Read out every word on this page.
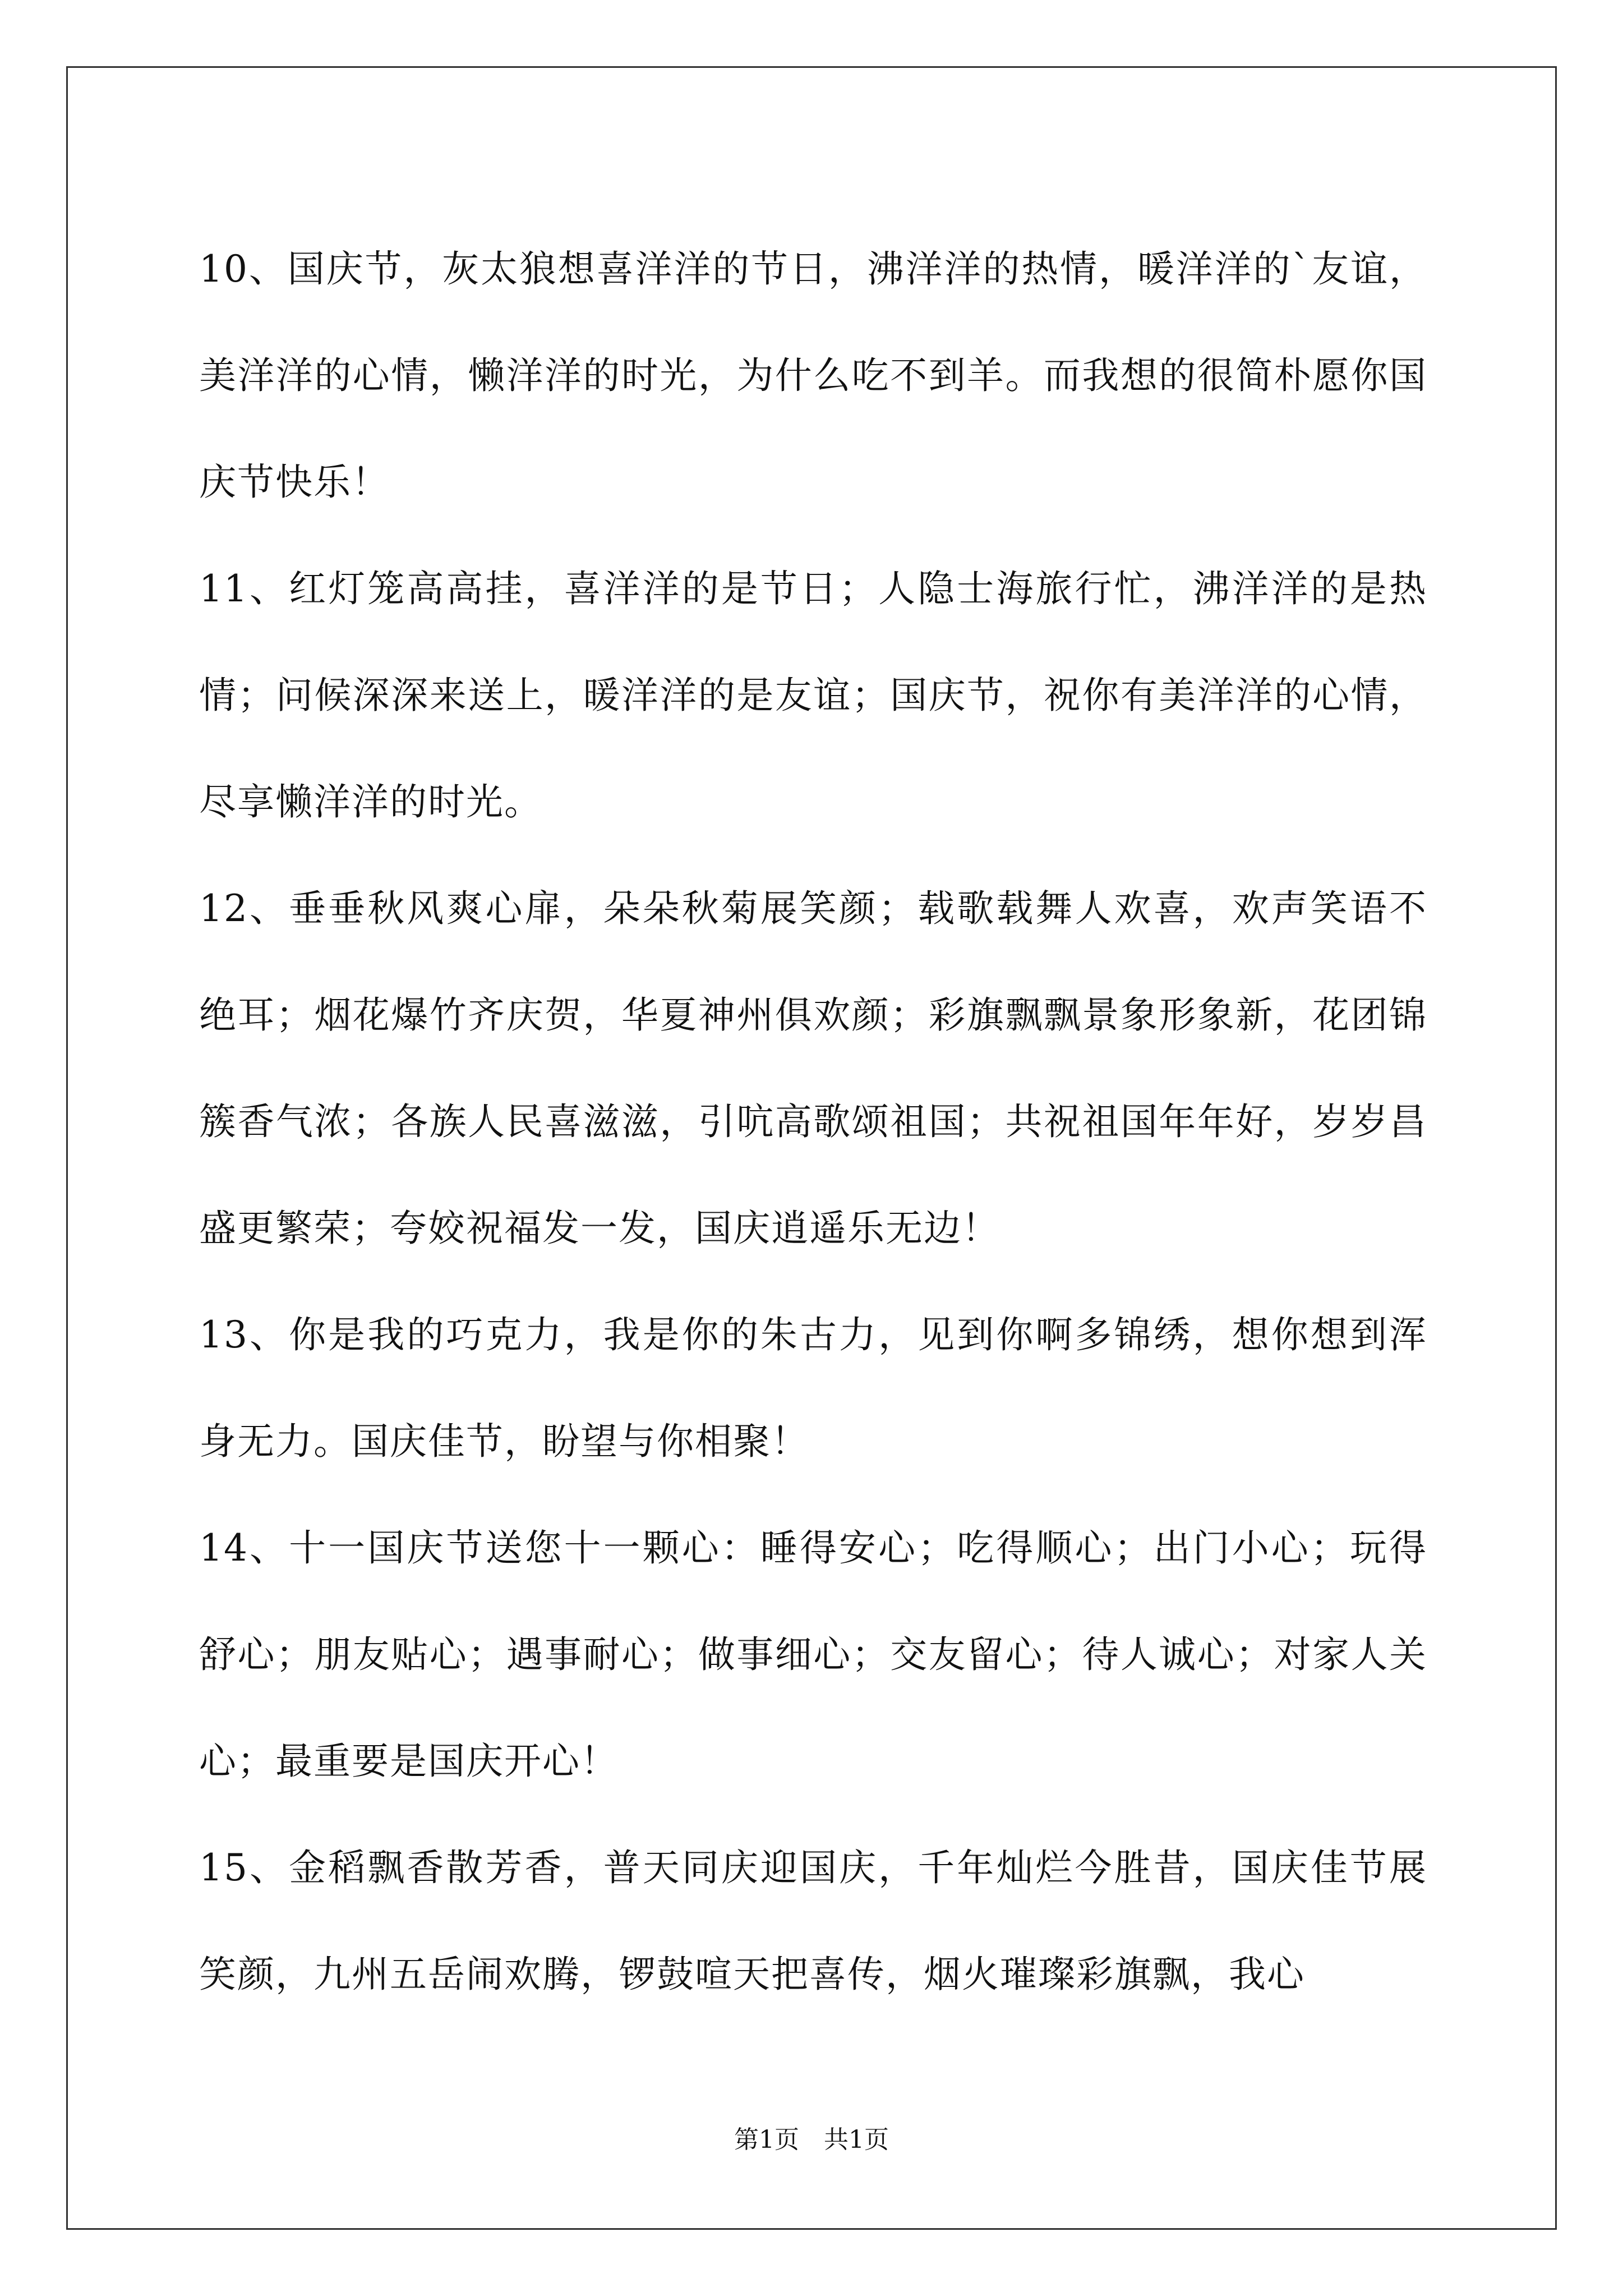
10、国庆节，灰太狼想喜洋洋的节日，沸洋洋的热情，暖洋洋的`友谊，美洋洋的心情，懒洋洋的时光，为什么吃不到羊。而我想的很简朴愿你国庆节快乐！

11、红灯笼高高挂，喜洋洋的是节日；人隐士海旅行忙，沸洋洋的是热情；问候深深来送上，暖洋洋的是友谊；国庆节，祝你有美洋洋的心情，尽享懒洋洋的时光。

12、垂垂秋风爽心扉，朵朵秋菊展笑颜；载歌载舞人欢喜，欢声笑语不绝耳；烟花爆竹齐庆贺，华夏神州俱欢颜；彩旗飘飘景象形象新，花团锦簇香气浓；各族人民喜滋滋，引吭高歌颂祖国；共祝祖国年年好，岁岁昌盛更繁荣；夸姣祝福发一发，国庆逍遥乐无边！

13、你是我的巧克力，我是你的朱古力，见到你啊多锦绣，想你想到浑身无力。国庆佳节，盼望与你相聚！

14、十一国庆节送您十一颗心：睡得安心；吃得顺心；出门小心；玩得舒心；朋友贴心；遇事耐心；做事细心；交友留心；待人诚心；对家人关心；最重要是国庆开心！

15、金稻飘香散芳香，普天同庆迎国庆，千年灿烂今胜昔，国庆佳节展笑颜，九州五岳闹欢腾，锣鼓喧天把喜传，烟火璀璨彩旗飘，我心

第1页　共1页
